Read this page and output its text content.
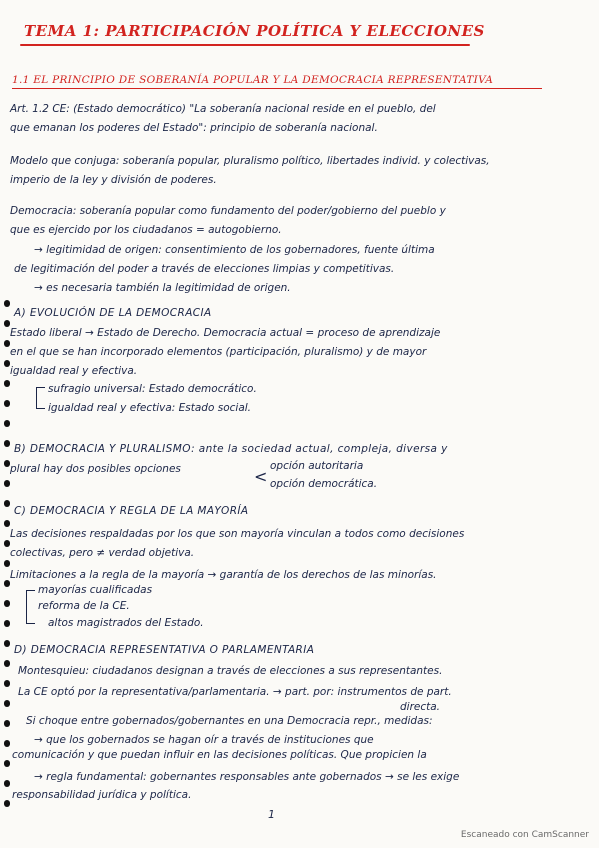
TEMA 1: PARTICIPACIÓN POLÍTICA Y ELECCIONES
1.1 EL PRINCIPIO DE SOBERANÍA POPULAR Y LA DEMOCRACIA REPRESENTATIVA
Art. 1.2 CE: (Estado democrático) "La soberanía nacional reside en el pueblo, del
que emanan los poderes del Estado": principio de soberanía nacional.
Modelo que conjuga: soberanía popular, pluralismo político, libertades individ. y colectivas,
imperio de la ley y división de poderes.
Democracia: soberanía popular como fundamento del poder/gobierno del pueblo y
que es ejercido por los ciudadanos = autogobierno.
→ legitimidad de origen: consentimiento de los gobernadores, fuente última
de legitimación del poder a través de elecciones limpias y competitivas.
→ es necesaria también la legitimidad de origen.
A) EVOLUCIÓN DE LA DEMOCRACIA
Estado liberal → Estado de Derecho. Democracia actual = proceso de aprendizaje
en el que se han incorporado elementos (participación, pluralismo) y de mayor
igualdad real y efectiva.
sufragio universal: Estado democrático.
igualdad real y efectiva: Estado social.
B) DEMOCRACIA Y PLURALISMO: ante la sociedad actual, compleja, diversa y
plural hay dos posibles opciones	<
opción autoritaria
opción democrática.
C) DEMOCRACIA Y REGLA DE LA MAYORÍA
Las decisiones respaldadas por los que son mayoría vinculan a todos como decisiones
colectivas, pero ≠ verdad objetiva.
Limitaciones a la regla de la mayoría → garantía de los derechos de las minorías.
mayorías cualificadas
reforma de la CE.
altos magistrados del Estado.
D) DEMOCRACIA REPRESENTATIVA O PARLAMENTARIA
Montesquieu: ciudadanos designan a través de elecciones a sus representantes.
La CE optó por la representativa/parlamentaria. → part. por: instrumentos de part.
directa.
Si choque entre gobernados/gobernantes en una Democracia repr., medidas:
→ que los gobernados se hagan oír a través de instituciones que
comunicación y que puedan influir en las decisiones políticas. Que propicien la
→ regla fundamental: gobernantes responsables ante gobernados → se les exige
responsabilidad jurídica y política.
1
Escaneado con CamScanner
